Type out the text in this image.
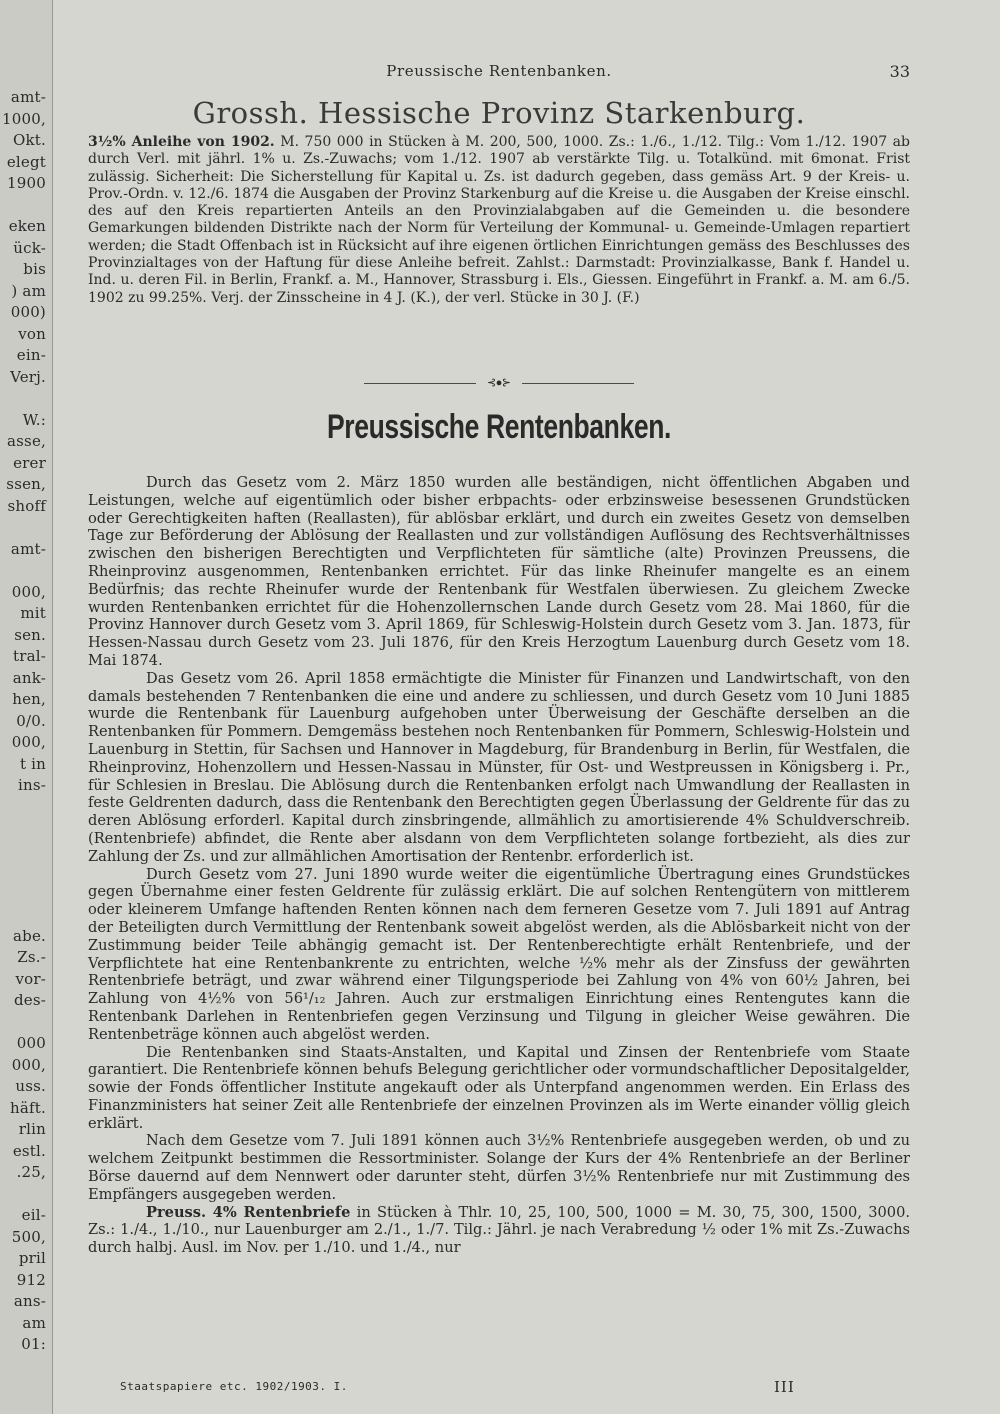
amt-
1000,
Okt.
elegt
1900
eken
ück-
bis
) am
000)
von
ein-
Verj.
W.:
asse,
erer
ssen,
shoff
amt-
000,
mit
sen.
tral-
ank-
hen,
0/0.
000,
t in
ins-
abe.
Zs.-
vor-
des-
000
000,
uss.
häft.
rlin
estl.
.25,
eil-
500,
pril
912
ans-
am
01:
Preussische Rentenbanken.	33
Grossh. Hessische Provinz Starkenburg.
3½% Anleihe von 1902. M. 750 000 in Stücken à M. 200, 500, 1000. Zs.: 1./6., 1./12. Tilg.: Vom 1./12. 1907 ab durch Verl. mit jährl. 1% u. Zs.-Zuwachs; vom 1./12. 1907 ab verstärkte Tilg. u. Totalkünd. mit 6monat. Frist zulässig. Sicherheit: Die Sicherstellung für Kapital u. Zs. ist dadurch gegeben, dass gemäss Art. 9 der Kreis- u. Prov.-Ordn. v. 12./6. 1874 die Ausgaben der Provinz Starkenburg auf die Kreise u. die Ausgaben der Kreise einschl. des auf den Kreis repartierten Anteils an den Provinzialabgaben auf die Gemeinden u. die besondere Gemarkungen bildenden Distrikte nach der Norm für Verteilung der Kommunal- u. Gemeinde-Umlagen repartiert werden; die Stadt Offenbach ist in Rücksicht auf ihre eigenen örtlichen Einrichtungen gemäss des Beschlusses des Provinzialtages von der Haftung für diese Anleihe befreit. Zahlst.: Darmstadt: Provinzialkasse, Bank f. Handel u. Ind. u. deren Fil. in Berlin, Frankf. a. M., Hannover, Strassburg i. Els., Giessen. Eingeführt in Frankf. a. M. am 6./5. 1902 zu 99.25%. Verj. der Zinsscheine in 4 J. (K.), der verl. Stücke in 30 J. (F.)
⊰⦁⊱
Preussische Rentenbanken.

Durch das Gesetz vom 2. März 1850 wurden alle beständigen, nicht öffentlichen Abgaben und Leistungen, welche auf eigentümlich oder bisher erbpachts- oder erbzinsweise besessenen Grundstücken oder Gerechtigkeiten haften (Reallasten), für ablösbar erklärt, und durch ein zweites Gesetz von demselben Tage zur Beförderung der Ablösung der Reallasten und zur vollständigen Auflösung des Rechtsverhältnisses zwischen den bisherigen Berechtigten und Verpflichteten für sämtliche (alte) Provinzen Preussens, die Rheinprovinz ausgenommen, Rentenbanken errichtet. Für das linke Rheinufer mangelte es an einem Bedürfnis; das rechte Rheinufer wurde der Rentenbank für Westfalen überwiesen. Zu gleichem Zwecke wurden Rentenbanken errichtet für die Hohenzollernschen Lande durch Gesetz vom 28. Mai 1860, für die Provinz Hannover durch Gesetz vom 3. April 1869, für Schleswig-Holstein durch Gesetz vom 3. Jan. 1873, für Hessen-Nassau durch Gesetz vom 23. Juli 1876, für den Kreis Herzogtum Lauenburg durch Gesetz vom 18. Mai 1874.

Das Gesetz vom 26. April 1858 ermächtigte die Minister für Finanzen und Landwirtschaft, von den damals bestehenden 7 Rentenbanken die eine und andere zu schliessen, und durch Gesetz vom 10 Juni 1885 wurde die Rentenbank für Lauenburg aufgehoben unter Überweisung der Geschäfte derselben an die Rentenbanken für Pommern. Demgemäss bestehen noch Rentenbanken für Pommern, Schleswig-Holstein und Lauenburg in Stettin, für Sachsen und Hannover in Magdeburg, für Brandenburg in Berlin, für Westfalen, die Rheinprovinz, Hohenzollern und Hessen-Nassau in Münster, für Ost- und Westpreussen in Königsberg i. Pr., für Schlesien in Breslau. Die Ablösung durch die Rentenbanken erfolgt nach Umwandlung der Reallasten in feste Geldrenten dadurch, dass die Rentenbank den Berechtigten gegen Überlassung der Geldrente für das zu deren Ablösung erforderl. Kapital durch zinsbringende, allmählich zu amortisierende 4% Schuldverschreib. (Rentenbriefe) abfindet, die Rente aber alsdann von dem Verpflichteten solange fortbezieht, als dies zur Zahlung der Zs. und zur allmählichen Amortisation der Rentenbr. erforderlich ist.

Durch Gesetz vom 27. Juni 1890 wurde weiter die eigentümliche Übertragung eines Grundstückes gegen Übernahme einer festen Geldrente für zulässig erklärt. Die auf solchen Rentengütern von mittlerem oder kleinerem Umfange haftenden Renten können nach dem ferneren Gesetze vom 7. Juli 1891 auf Antrag der Beteiligten durch Vermittlung der Rentenbank soweit abgelöst werden, als die Ablösbarkeit nicht von der Zustimmung beider Teile abhängig gemacht ist. Der Rentenberechtigte erhält Rentenbriefe, und der Verpflichtete hat eine Rentenbankrente zu entrichten, welche ½% mehr als der Zinsfuss der gewährten Rentenbriefe beträgt, und zwar während einer Tilgungsperiode bei Zahlung von 4% von 60½ Jahren, bei Zahlung von 4½% von 56¹/₁₂ Jahren. Auch zur erstmaligen Einrichtung eines Rentengutes kann die Rentenbank Darlehen in Rentenbriefen gegen Verzinsung und Tilgung in gleicher Weise gewähren. Die Rentenbeträge können auch abgelöst werden.

Die Rentenbanken sind Staats-Anstalten, und Kapital und Zinsen der Rentenbriefe vom Staate garantiert. Die Rentenbriefe können behufs Belegung gerichtlicher oder vormundschaftlicher Depositalgelder, sowie der Fonds öffentlicher Institute angekauft oder als Unterpfand angenommen werden. Ein Erlass des Finanzministers hat seiner Zeit alle Rentenbriefe der einzelnen Provinzen als im Werte einander völlig gleich erklärt.

Nach dem Gesetze vom 7. Juli 1891 können auch 3½% Rentenbriefe ausgegeben werden, ob und zu welchem Zeitpunkt bestimmen die Ressortminister. Solange der Kurs der 4% Rentenbriefe an der Berliner Börse dauernd auf dem Nennwert oder darunter steht, dürfen 3½% Rentenbriefe nur mit Zustimmung des Empfängers ausgegeben werden.

Preuss. 4% Rentenbriefe in Stücken à Thlr. 10, 25, 100, 500, 1000 = M. 30, 75, 300, 1500, 3000. Zs.: 1./4., 1./10., nur Lauenburger am 2./1., 1./7. Tilg.: Jährl. je nach Verabredung ½ oder 1% mit Zs.-Zuwachs durch halbj. Ausl. im Nov. per 1./10. und 1./4., nur

Staatspapiere etc. 1902/1903. I.	III
